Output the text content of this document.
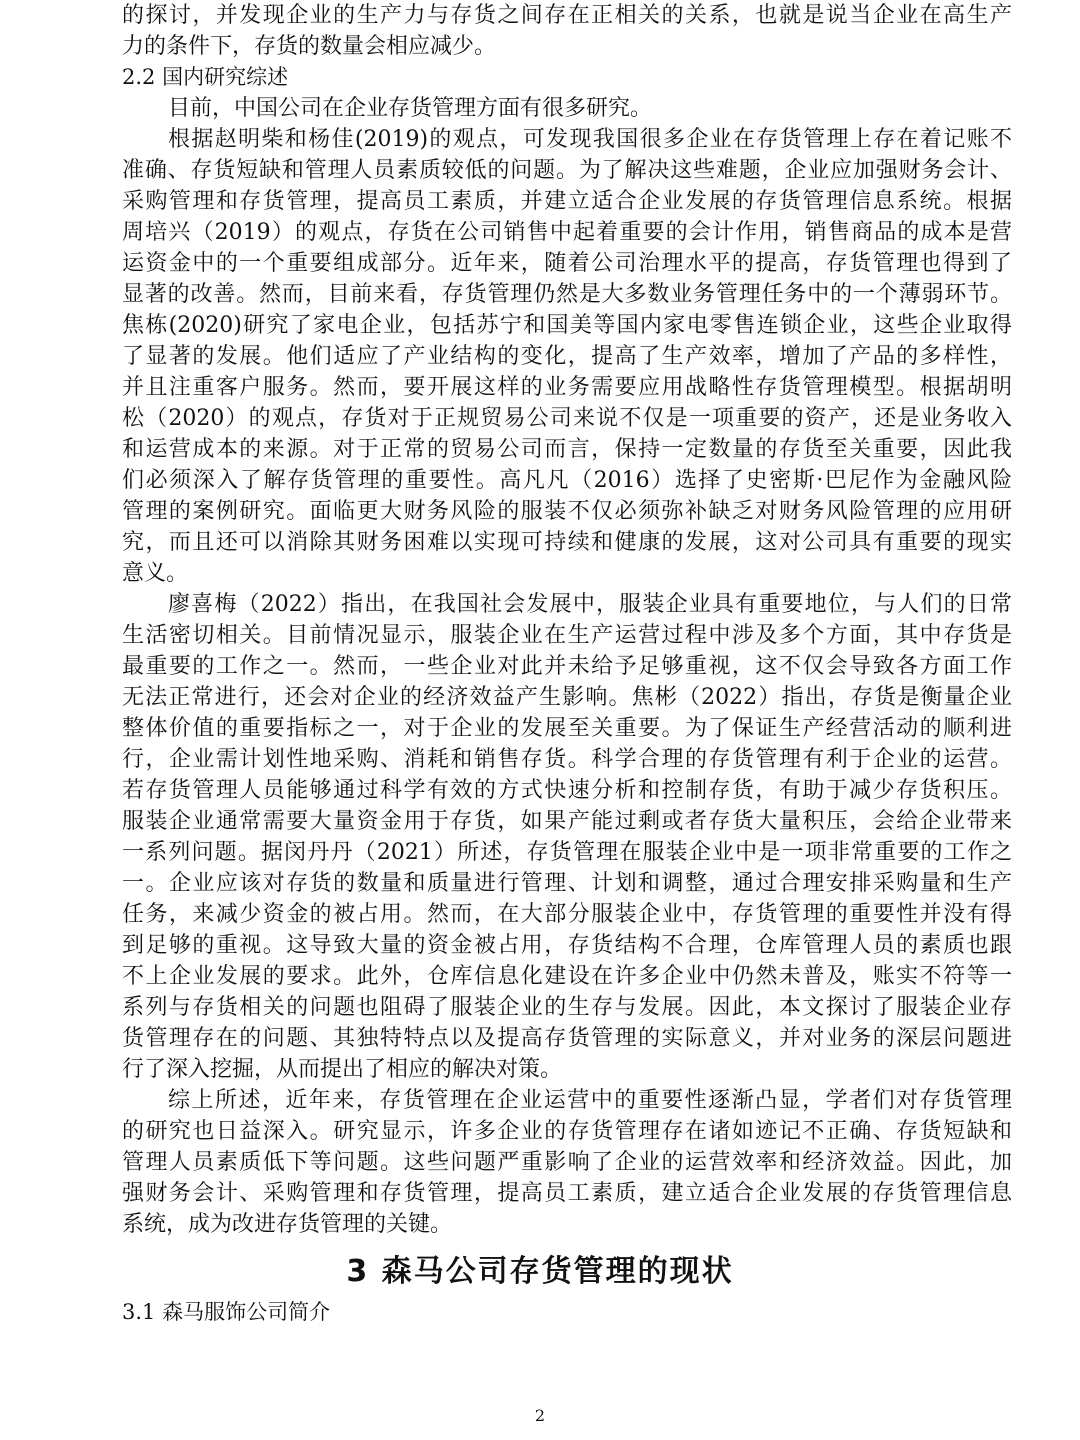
的探讨，并发现企业的生产力与存货之间存在正相关的关系，也就是说当企业在高生产
力的条件下，存货的数量会相应减少。
2.2 国内研究综述
目前，中国公司在企业存货管理方面有很多研究。
根据赵明柴和杨佳(2019)的观点，可发现我国很多企业在存货管理上存在着记账不
准确、存货短缺和管理人员素质较低的问题。为了解决这些难题，企业应加强财务会计、
采购管理和存货管理，提高员工素质，并建立适合企业发展的存货管理信息系统。根据
周培兴（2019）的观点，存货在公司销售中起着重要的会计作用，销售商品的成本是营
运资金中的一个重要组成部分。近年来，随着公司治理水平的提高，存货管理也得到了
显著的改善。然而，目前来看，存货管理仍然是大多数业务管理任务中的一个薄弱环节。
焦栋(2020)研究了家电企业，包括苏宁和国美等国内家电零售连锁企业，这些企业取得
了显著的发展。他们适应了产业结构的变化，提高了生产效率，增加了产品的多样性，
并且注重客户服务。然而，要开展这样的业务需要应用战略性存货管理模型。根据胡明
松（2020）的观点，存货对于正规贸易公司来说不仅是一项重要的资产，还是业务收入
和运营成本的来源。对于正常的贸易公司而言，保持一定数量的存货至关重要，因此我
们必须深入了解存货管理的重要性。高凡凡（2016）选择了史密斯·巴尼作为金融风险
管理的案例研究。面临更大财务风险的服装不仅必须弥补缺乏对财务风险管理的应用研
究，而且还可以消除其财务困难以实现可持续和健康的发展，这对公司具有重要的现实
意义。
廖喜梅（2022）指出，在我国社会发展中，服装企业具有重要地位，与人们的日常
生活密切相关。目前情况显示，服装企业在生产运营过程中涉及多个方面，其中存货是
最重要的工作之一。然而，一些企业对此并未给予足够重视，这不仅会导致各方面工作
无法正常进行，还会对企业的经济效益产生影响。焦彬（2022）指出，存货是衡量企业
整体价值的重要指标之一，对于企业的发展至关重要。为了保证生产经营活动的顺利进
行，企业需计划性地采购、消耗和销售存货。科学合理的存货管理有利于企业的运营。
若存货管理人员能够通过科学有效的方式快速分析和控制存货，有助于减少存货积压。
服装企业通常需要大量资金用于存货，如果产能过剩或者存货大量积压，会给企业带来
一系列问题。据闵丹丹（2021）所述，存货管理在服装企业中是一项非常重要的工作之
一。企业应该对存货的数量和质量进行管理、计划和调整，通过合理安排采购量和生产
任务，来减少资金的被占用。然而，在大部分服装企业中，存货管理的重要性并没有得
到足够的重视。这导致大量的资金被占用，存货结构不合理，仓库管理人员的素质也跟
不上企业发展的要求。此外，仓库信息化建设在许多企业中仍然未普及，账实不符等一
系列与存货相关的问题也阻碍了服装企业的生存与发展。因此，本文探讨了服装企业存
货管理存在的问题、其独特特点以及提高存货管理的实际意义，并对业务的深层问题进
行了深入挖掘，从而提出了相应的解决对策。
综上所述，近年来，存货管理在企业运营中的重要性逐渐凸显，学者们对存货管理
的研究也日益深入。研究显示，许多企业的存货管理存在诸如迹记不正确、存货短缺和
管理人员素质低下等问题。这些问题严重影响了企业的运营效率和经济效益。因此，加
强财务会计、采购管理和存货管理，提高员工素质，建立适合企业发展的存货管理信息
系统，成为改进存货管理的关键。
3 森马公司存货管理的现状
3.1 森马服饰公司简介
2
